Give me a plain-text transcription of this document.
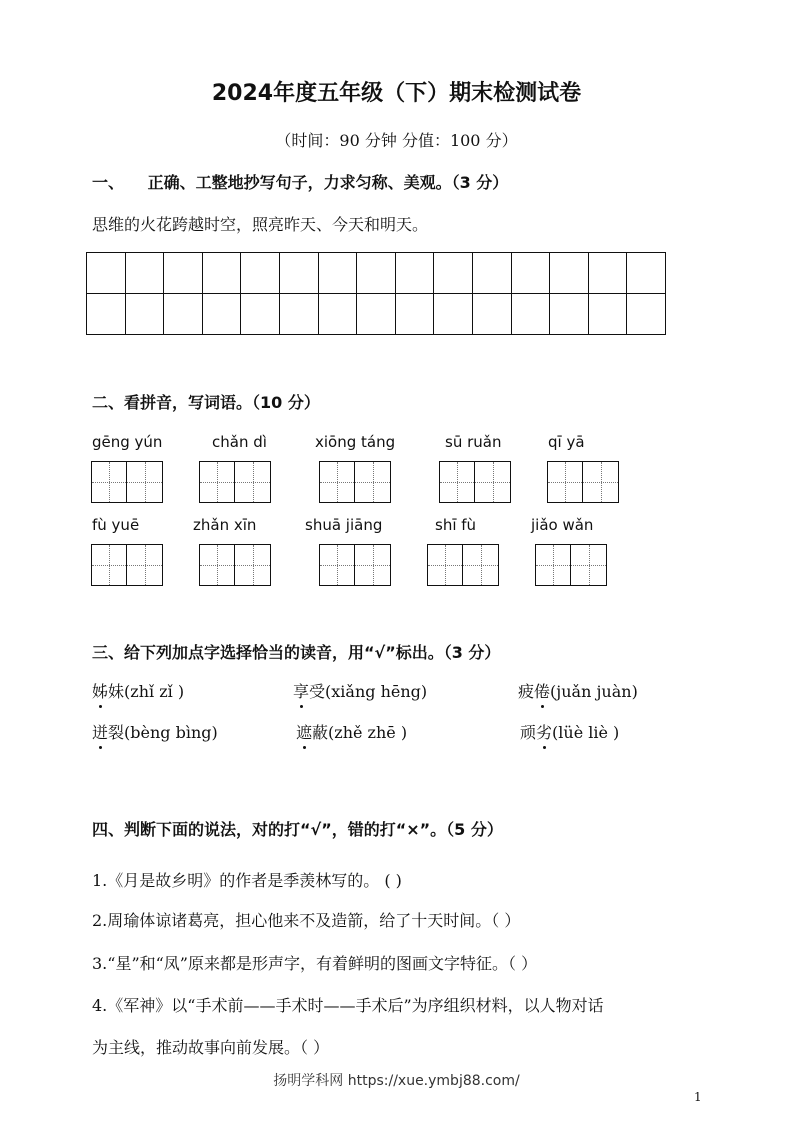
2024年度五年级（下）期末检测试卷
（时间：90 分钟 分值：100 分）
一、 正确、工整地抄写句子，力求匀称、美观。（3 分）
思维的火花跨越时空，照亮昨天、今天和明天。

二、看拼音，写词语。（10 分）
gēng yún	chǎn dì	xiōng táng	sū ruǎn	qī yā
fù yuē	zhǎn xīn	shuā jiāng	shī fù	jiǎo wǎn
三、给下列加点字选择恰当的读音，用“√”标出。（3 分）
姊妹(zhǐ zǐ )	享受(xiǎng hēng)	疲倦(juǎn juàn)
迸裂(bèng bìng)	遮蔽(zhě zhē )	顽劣(lüè liè )
四、判断下面的说法，对的打“√”，错的打“×”。（5 分）
1.《月是故乡明》的作者是季羡林写的。 ( )
2.周瑜体谅诸葛亮，担心他来不及造箭，给了十天时间。（ ）
3.“星”和“凤”原来都是形声字，有着鲜明的图画文字特征。（ ）
4.《军神》以“手术前——手术时——手术后”为序组织材料，以人物对话
为主线，推动故事向前发展。（ ）
扬明学科网 https://xue.ymbj88.com/
1
